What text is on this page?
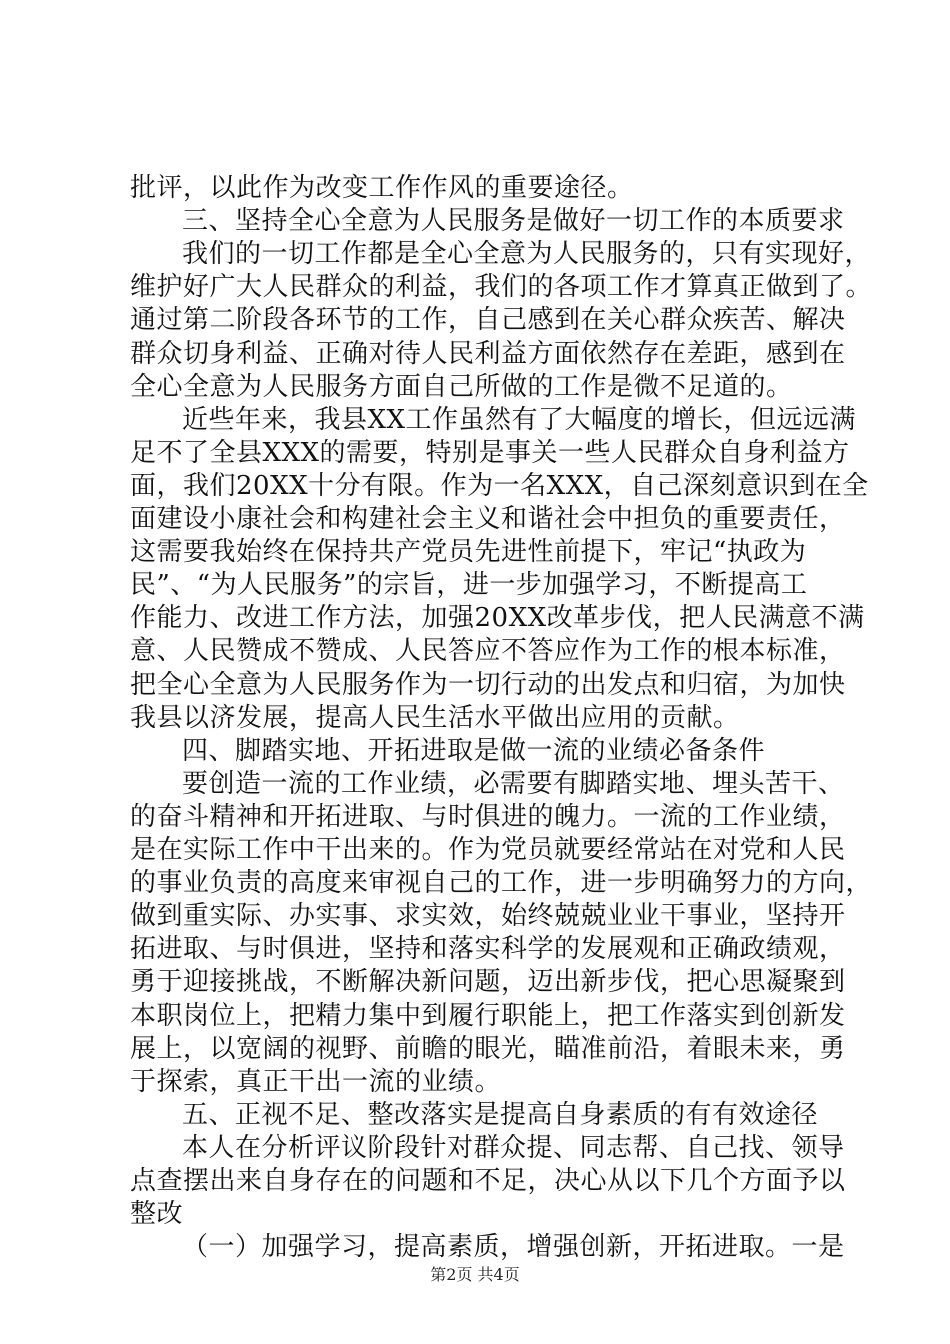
批评，以此作为改变工作作风的重要途径。
三、坚持全心全意为人民服务是做好一切工作的本质要求
我们的一切工作都是全心全意为人民服务的，只有实现好，
维护好广大人民群众的利益，我们的各项工作才算真正做到了。
通过第二阶段各环节的工作，自己感到在关心群众疾苦、解决
群众切身利益、正确对待人民利益方面依然存在差距，感到在
全心全意为人民服务方面自己所做的工作是微不足道的。
近些年来，我县XX工作虽然有了大幅度的增长，但远远满
足不了全县XXX的需要，特别是事关一些人民群众自身利益方
面，我们20XX十分有限。作为一名XXX，自己深刻意识到在全
面建设小康社会和构建社会主义和谐社会中担负的重要责任，
这需要我始终在保持共产党员先进性前提下，牢记“执政为
民”、“为人民服务”的宗旨，进一步加强学习，不断提高工
作能力、改进工作方法，加强20XX改革步伐，把人民满意不满
意、人民赞成不赞成、人民答应不答应作为工作的根本标准，
把全心全意为人民服务作为一切行动的出发点和归宿，为加快
我县以济发展，提高人民生活水平做出应用的贡献。
四、脚踏实地、开拓进取是做一流的业绩必备条件
要创造一流的工作业绩，必需要有脚踏实地、埋头苦干、
的奋斗精神和开拓进取、与时俱进的魄力。一流的工作业绩，
是在实际工作中干出来的。作为党员就要经常站在对党和人民
的事业负责的高度来审视自己的工作，进一步明确努力的方向，
做到重实际、办实事、求实效，始终兢兢业业干事业，坚持开
拓进取、与时俱进，坚持和落实科学的发展观和正确政绩观，
勇于迎接挑战，不断解决新问题，迈出新步伐，把心思凝聚到
本职岗位上，把精力集中到履行职能上，把工作落实到创新发
展上，以宽阔的视野、前瞻的眼光，瞄准前沿，着眼未来，勇
于探索，真正干出一流的业绩。
五、正视不足、整改落实是提高自身素质的有有效途径
本人在分析评议阶段针对群众提、同志帮、自己找、领导
点查摆出来自身存在的问题和不足，决心从以下几个方面予以
整改
（一）加强学习，提高素质，增强创新，开拓进取。一是
第2页 共4页
